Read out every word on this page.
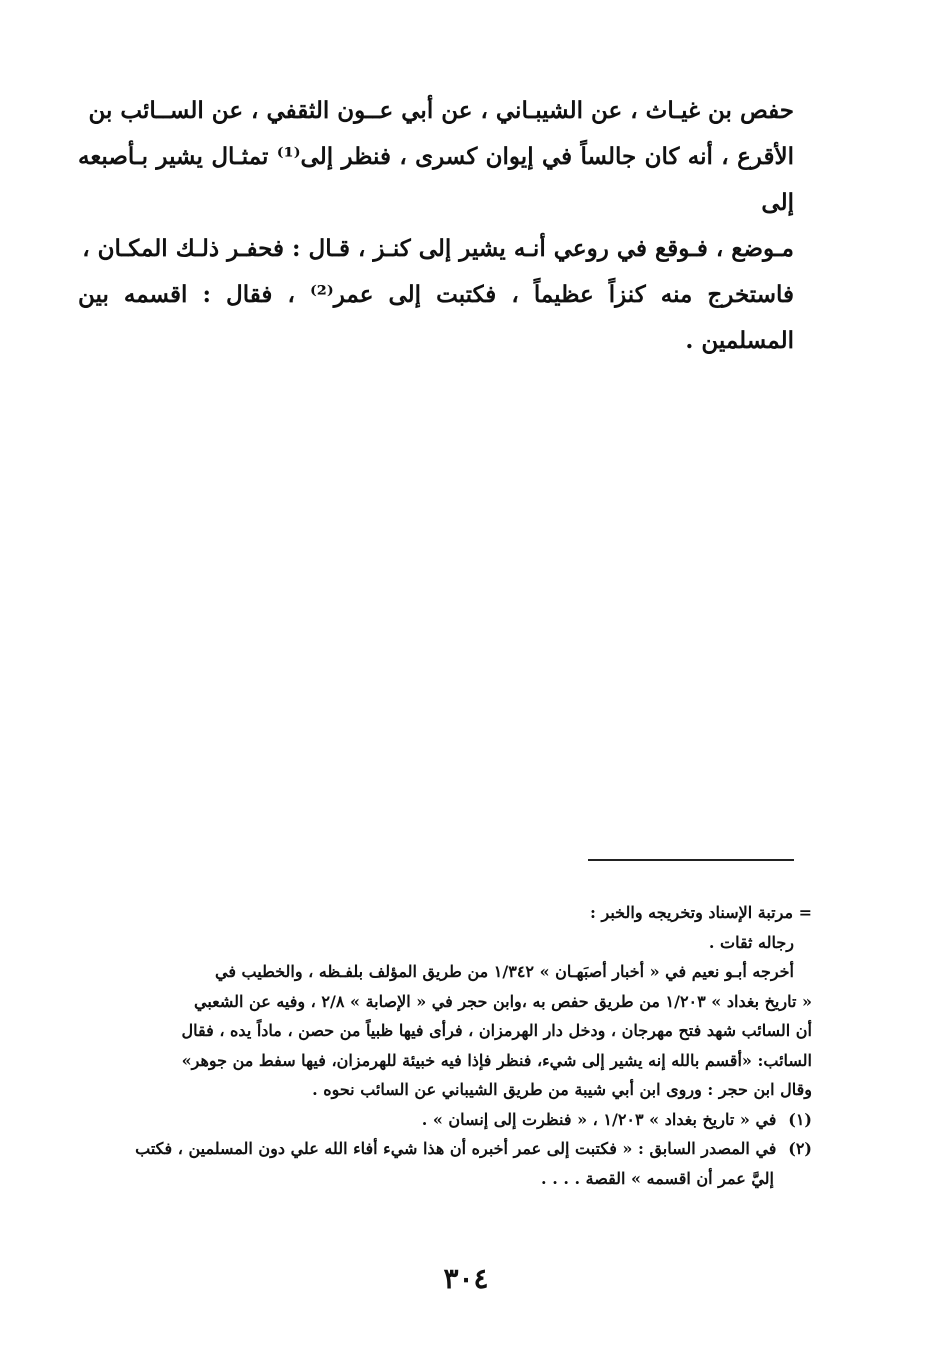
حفص بن غيـاث ، عن الشيبـاني ، عن أبي عــون الثقفي ، عن الســائب بن

الأقرع ، أنه كان جالساً في إيوان كسرى ، فنظر إلى⁽¹⁾ تمثـال يشير بـأصبعه إلى

مـوضع ، فـوقع في روعي أنـه يشير إلى كنـز ، قـال : فحفـر ذلـك المكـان ،

فاستخرج منه كنزاً عظيماً ، فكتبت إلى عمر⁽²⁾ ، فقال : اقسمه بين المسلمين .

= مرتبة الإسناد وتخريجه والخبر :

رجاله ثقات .

أخرجه أبـو نعيم في « أخبار أصبَهـان » ١/٣٤٢ من طريق المؤلف بلفـظه ، والخطيب في

« تاريخ بغداد » ١/٢٠٣ من طريق حفص به ،وابن حجر في « الإصابة » ٢/٨ ، وفيه عن الشعبي

أن السائب شهد فتح مهرجان ، ودخل دار الهرمزان ، فرأى فيها ظبياً من حصن ، ماداً يده ، فقال

السائب: «أقسم بالله إنه يشير إلى شيء، فنظر فإذا فيه خبيئة للهرمزان، فيها سفط من جوهر»

وقال ابن حجر : وروى ابن أبي شيبة من طريق الشيباني عن السائب نحوه .

(١) في « تاريخ بغداد » ١/٢٠٣ ، « فنظرت إلى إنسان » .

(٢) في المصدر السابق : « فكتبت إلى عمر أخبره أن هذا شيء أفاء الله علي دون المسلمين ، فكتب

إليَّ عمر أن اقسمه » القصة . . . .

٣٠٤
